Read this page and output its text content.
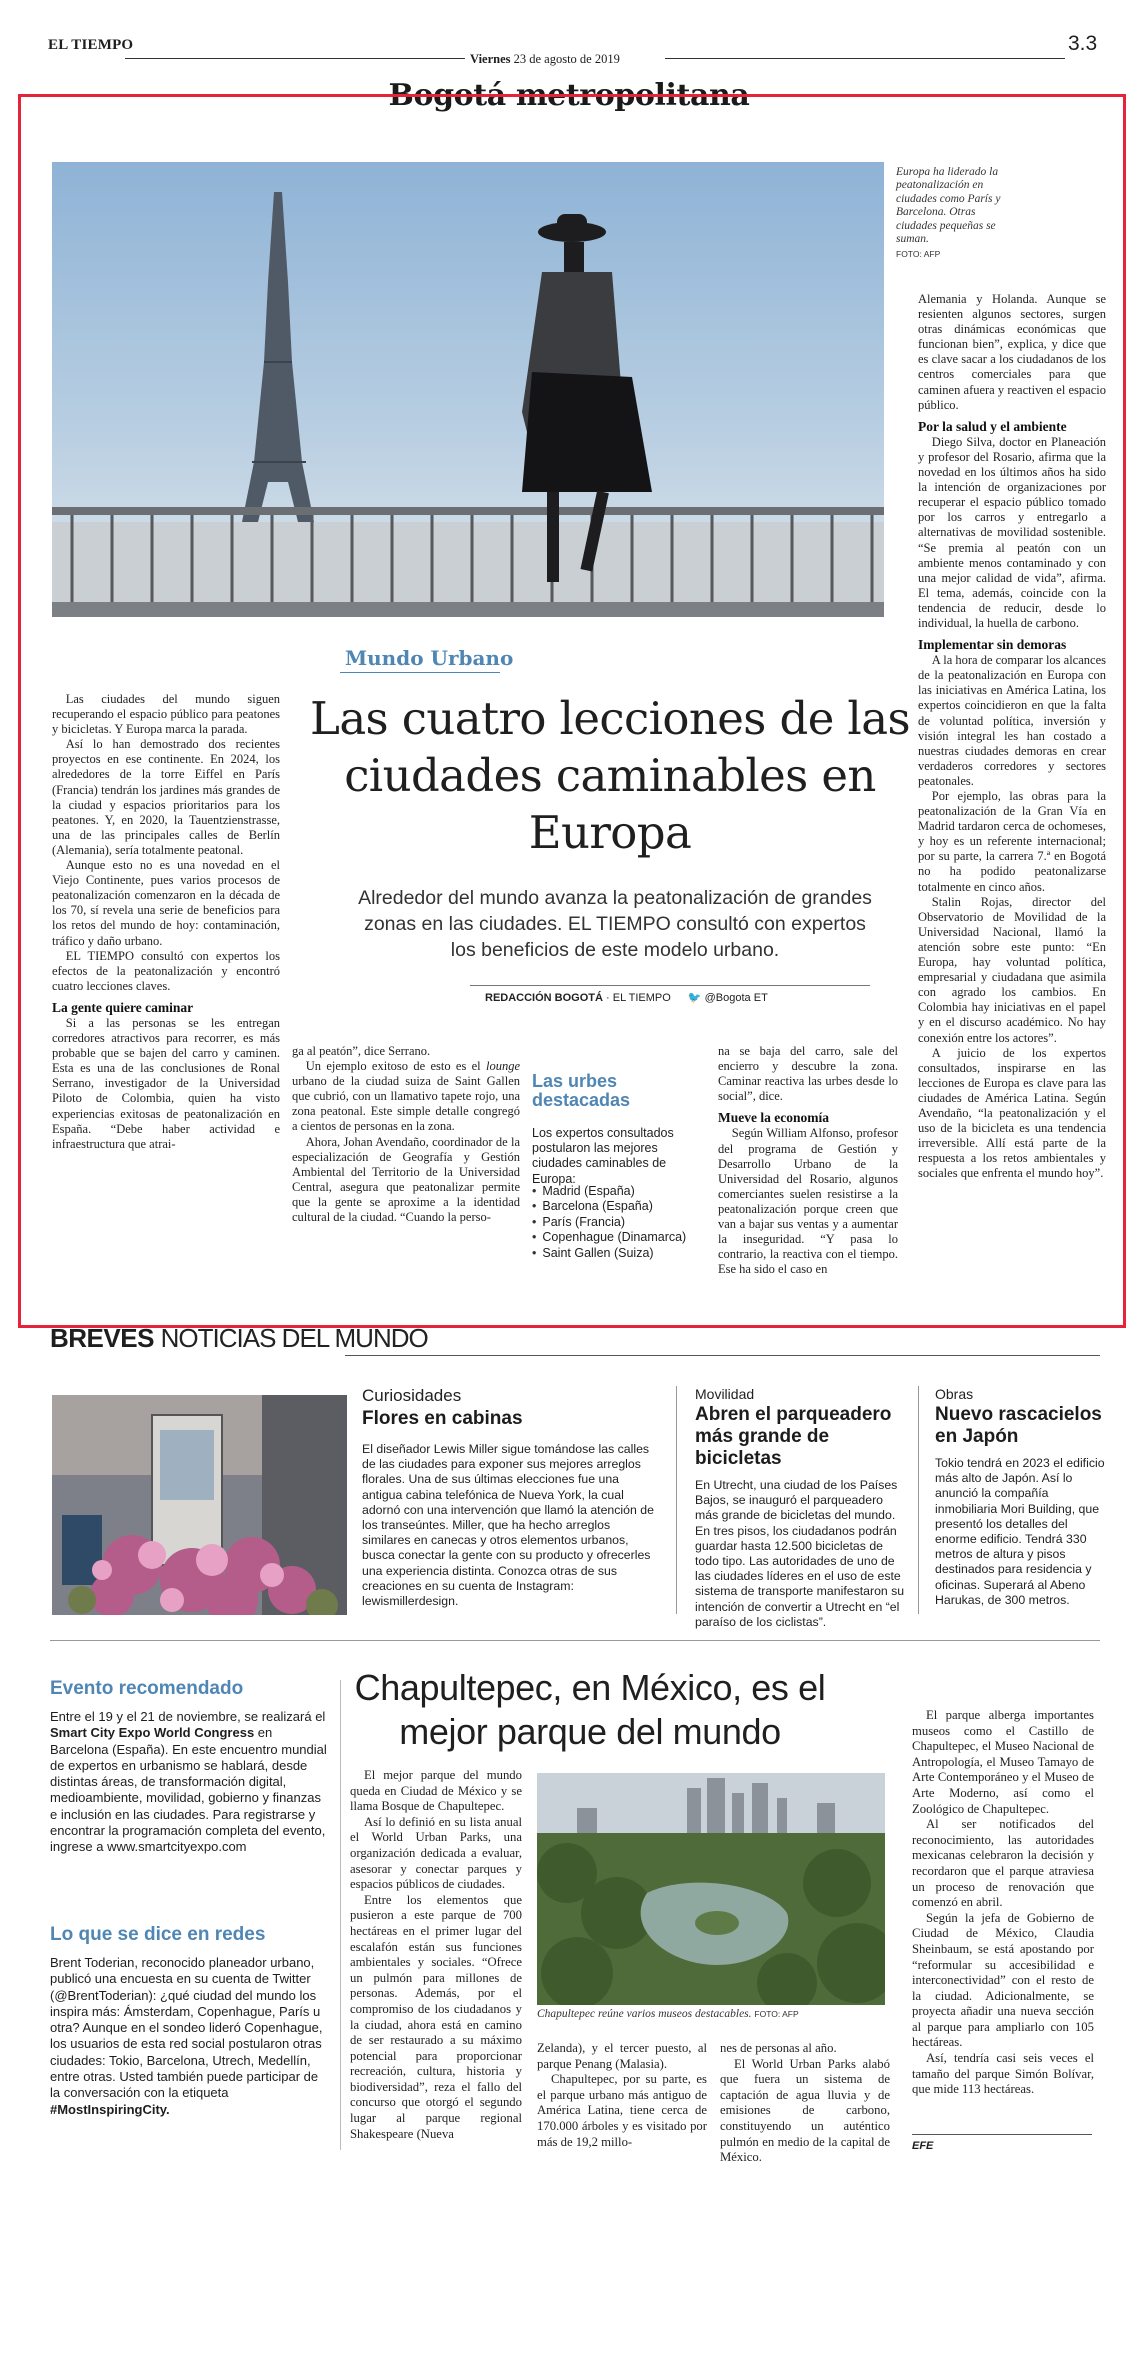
EL TIEMPO
Viernes 23 de agosto de 2019
3.3
Bogotá metropolitana
Europa ha liderado la peatonalización en ciudades como París y Barcelona. Otras ciudades pequeñas se suman.
FOTO: AFP
Mundo Urbano
Las cuatro lecciones de las ciudades caminables en Europa
Alrededor del mundo avanza la peatonalización de grandes zonas en las ciudades. EL TIEMPO consultó con expertos los beneficios de este modelo urbano.
REDACCIÓN BOGOTÁ · EL TIEMPO 🐦 @Bogota ET

Las ciudades del mundo siguen recuperando el espacio público para peatones y bicicletas. Y Europa marca la parada.

Así lo han demostrado dos recientes proyectos en ese continente. En 2024, los alrededores de la torre Eiffel en París (Francia) tendrán los jardines más grandes de la ciudad y espacios prioritarios para los peatones. Y, en 2020, la Tauentzienstrasse, una de las principales calles de Berlín (Alemania), sería totalmente peatonal.

Aunque esto no es una novedad en el Viejo Continente, pues varios procesos de peatonalización comenzaron en la década de los 70, sí revela una serie de beneficios para los retos del mundo de hoy: contaminación, tráfico y daño urbano.

EL TIEMPO consultó con expertos los efectos de la peatonalización y encontró cuatro lecciones claves.

La gente quiere caminar

Si a las personas se les entregan corredores atractivos para recorrer, es más probable que se bajen del carro y caminen. Esta es una de las conclusiones de Ronal Serrano, investigador de la Universidad Piloto de Colombia, quien ha visto experiencias exitosas de peatonalización en España. “Debe haber actividad e infraestructura que atrai-

ga al peatón”, dice Serrano.

Un ejemplo exitoso de esto es el lounge urbano de la ciudad suiza de Saint Gallen que cubrió, con un llamativo tapete rojo, una zona peatonal. Este simple detalle congregó a cientos de personas en la zona.

Ahora, Johan Avendaño, coordinador de la especialización de Geografía y Gestión Ambiental del Territorio de la Universidad Central, asegura que peatonalizar permite que la gente se aproxime a la identidad cultural de la ciudad. “Cuando la perso-

Las urbes destacadas
Los expertos consultados postularon las mejores ciudades caminables de Europa:
• Madrid (España)
• Barcelona (España)
• París (Francia)
• Copenhague (Dinamarca)
• Saint Gallen (Suiza)

na se baja del carro, sale del encierro y descubre la zona. Caminar reactiva las urbes desde lo social”, dice.

Mueve la economía

Según William Alfonso, profesor del programa de Gestión y Desarrollo Urbano de la Universidad del Rosario, algunos comerciantes suelen resistirse a la peatonalización porque creen que van a bajar sus ventas y a aumentar la inseguridad. “Y pasa lo contrario, la reactiva con el tiempo. Ese ha sido el caso en

Alemania y Holanda. Aunque se resienten algunos sectores, surgen otras dinámicas económicas que funcionan bien”, explica, y dice que es clave sacar a los ciudadanos de los centros comerciales para que caminen afuera y reactiven el espacio público.

Por la salud y el ambiente

Diego Silva, doctor en Planeación y profesor del Rosario, afirma que la novedad en los últimos años ha sido la intención de organizaciones por recuperar el espacio público tomado por los carros y entregarlo a alternativas de movilidad sostenible. “Se premia al peatón con un ambiente menos contaminado y con una mejor calidad de vida”, afirma. El tema, además, coincide con la tendencia de reducir, desde lo individual, la huella de carbono.

Implementar sin demoras

A la hora de comparar los alcances de la peatonalización en Europa con las iniciativas en América Latina, los expertos coincidieron en que la falta de voluntad política, inversión y visión integral les han costado a nuestras ciudades demoras en crear verdaderos corredores y sectores peatonales.

Por ejemplo, las obras para la peatonalización de la Gran Vía en Madrid tardaron cerca de ochomeses, y hoy es un referente internacional; por su parte, la carrera 7.ª en Bogotá no ha podido peatonalizarse totalmente en cinco años.

Stalin Rojas, director del Observatorio de Movilidad de la Universidad Nacional, llamó la atención sobre este punto: “En Europa, hay voluntad política, empresarial y ciudadana que asimila con agrado los cambios. En Colombia hay iniciativas en el papel y en el discurso académico. No hay conexión entre los actores”.

A juicio de los expertos consultados, inspirarse en las lecciones de Europa es clave para las ciudades de América Latina. Según Avendaño, “la peatonalización y el uso de la bicicleta es una tendencia irreversible. Allí está parte de la respuesta a los retos ambientales y sociales que enfrenta el mundo hoy”.

BREVES NOTICIAS DEL MUNDO
Curiosidades
Flores en cabinas
El diseñador Lewis Miller sigue tomándose las calles de las ciudades para exponer sus mejores arreglos florales. Una de sus últimas elecciones fue una antigua cabina telefónica de Nueva York, la cual adornó con una intervención que llamó la atención de los transeúntes. Miller, que ha hecho arreglos similares en canecas y otros elementos urbanos, busca conectar la gente con su producto y ofrecerles una experiencia distinta. Conozca otras de sus creaciones en su cuenta de Instagram: lewismillerdesign.
Movilidad
Abren el parqueadero más grande de bicicletas
En Utrecht, una ciudad de los Países Bajos, se inauguró el parqueadero más grande de bicicletas del mundo. En tres pisos, los ciudadanos podrán guardar hasta 12.500 bicicletas de todo tipo. Las autoridades de uno de las ciudades líderes en el uso de este sistema de transporte manifestaron su intención de convertir a Utrecht en “el paraíso de los ciclistas”.
Obras
Nuevo rascacielos en Japón
Tokio tendrá en 2023 el edificio más alto de Japón. Así lo anunció la compañía inmobiliaria Mori Building, que presentó los detalles del enorme edificio. Tendrá 330 metros de altura y pisos destinados para residencia y oficinas. Superará al Abeno Harukas, de 300 metros.
Evento recomendado
Entre el 19 y el 21 de noviembre, se realizará el Smart City Expo World Congress en Barcelona (España). En este encuentro mundial de expertos en urbanismo se hablará, desde distintas áreas, de transformación digital, medioambiente, movilidad, gobierno y finanzas e inclusión en las ciudades. Para registrarse y encontrar la programación completa del evento, ingrese a www.smartcityexpo.com
Lo que se dice en redes
Brent Toderian, reconocido planeador urbano, publicó una encuesta en su cuenta de Twitter (@BrentToderian): ¿qué ciudad del mundo los inspira más: Ámsterdam, Copenhague, París u otra? Aunque en el sondeo lideró Copenhague, los usuarios de esta red social postularon otras ciudades: Tokio, Barcelona, Utrech, Medellín, entre otras. Usted también puede participar de la conversación con la etiqueta #MostInspiringCity.
Chapultepec, en México, es el mejor parque del mundo

El mejor parque del mundo queda en Ciudad de México y se llama Bosque de Chapultepec.

Así lo definió en su lista anual el World Urban Parks, una organización dedicada a evaluar, asesorar y conectar parques y espacios públicos de ciudades.

Entre los elementos que pusieron a este parque de 700 hectáreas en el primer lugar del escalafón están sus funciones ambientales y sociales. “Ofrece un pulmón para millones de personas. Además, por el compromiso de los ciudadanos y la ciudad, ahora está en camino de ser restaurado a su máximo potencial para proporcionar recreación, cultura, historia y biodiversidad”, reza el fallo del concurso que otorgó el segundo lugar al parque regional Shakespeare (Nueva

Chapultepec reúne varios museos destacables. FOTO: AFP

Zelanda), y el tercer puesto, al parque Penang (Malasia).

Chapultepec, por su parte, es el parque urbano más antiguo de América Latina, tiene cerca de 170.000 árboles y es visitado por más de 19,2 millo-

nes de personas al año.

El World Urban Parks alabó que fuera un sistema de captación de agua lluvia y de emisiones de carbono, constituyendo un auténtico pulmón en medio de la capital de México.

El parque alberga importantes museos como el Castillo de Chapultepec, el Museo Nacional de Antropología, el Museo Tamayo de Arte Contemporáneo y el Museo de Arte Moderno, así como el Zoológico de Chapultepec.

Al ser notificados del reconocimiento, las autoridades mexicanas celebraron la decisión y recordaron que el parque atraviesa un proceso de renovación que comenzó en abril.

Según la jefa de Gobierno de Ciudad de México, Claudia Sheinbaum, se está apostando por “reformular su accesibilidad e interconectividad” con el resto de la ciudad. Adicionalmente, se proyecta añadir una nueva sección al parque para ampliarlo con 105 hectáreas.

Así, tendría casi seis veces el tamaño del parque Simón Bolívar, que mide 113 hectáreas.

EFE
